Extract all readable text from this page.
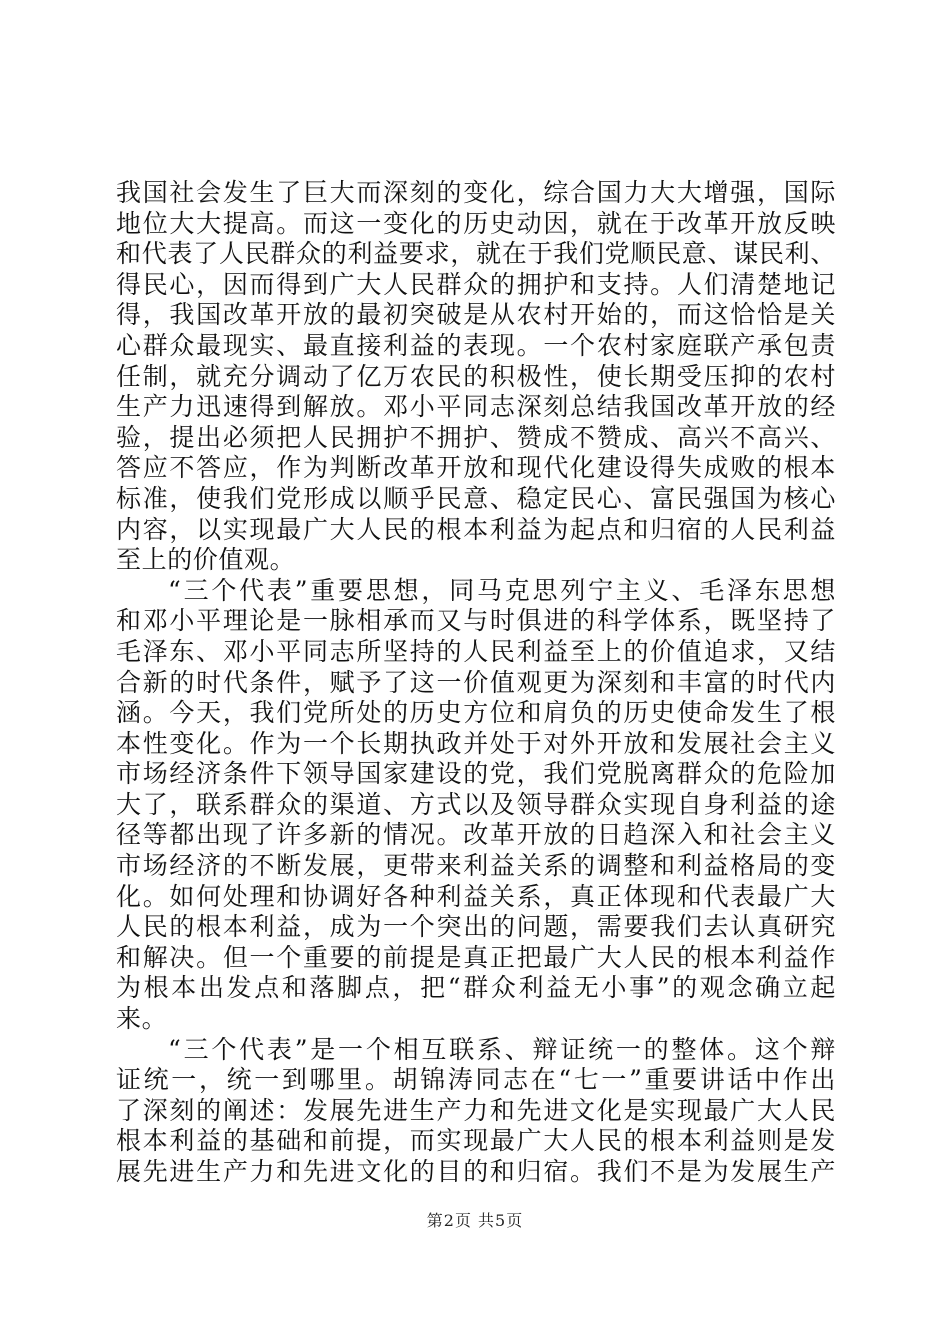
我国社会发生了巨大而深刻的变化，综合国力大大增强，国际
地位大大提高。而这一变化的历史动因，就在于改革开放反映
和代表了人民群众的利益要求，就在于我们党顺民意、谋民利、
得民心，因而得到广大人民群众的拥护和支持。人们清楚地记
得，我国改革开放的最初突破是从农村开始的，而这恰恰是关
心群众最现实、最直接利益的表现。一个农村家庭联产承包责
任制，就充分调动了亿万农民的积极性，使长期受压抑的农村
生产力迅速得到解放。邓小平同志深刻总结我国改革开放的经
验，提出必须把人民拥护不拥护、赞成不赞成、高兴不高兴、
答应不答应，作为判断改革开放和现代化建设得失成败的根本
标准，使我们党形成以顺乎民意、稳定民心、富民强国为核心
内容，以实现最广大人民的根本利益为起点和归宿的人民利益
至上的价值观。
“三个代表”重要思想，同马克思列宁主义、毛泽东思想
和邓小平理论是一脉相承而又与时俱进的科学体系，既坚持了
毛泽东、邓小平同志所坚持的人民利益至上的价值追求，又结
合新的时代条件，赋予了这一价值观更为深刻和丰富的时代内
涵。今天，我们党所处的历史方位和肩负的历史使命发生了根
本性变化。作为一个长期执政并处于对外开放和发展社会主义
市场经济条件下领导国家建设的党，我们党脱离群众的危险加
大了，联系群众的渠道、方式以及领导群众实现自身利益的途
径等都出现了许多新的情况。改革开放的日趋深入和社会主义
市场经济的不断发展，更带来利益关系的调整和利益格局的变
化。如何处理和协调好各种利益关系，真正体现和代表最广大
人民的根本利益，成为一个突出的问题，需要我们去认真研究
和解决。但一个重要的前提是真正把最广大人民的根本利益作
为根本出发点和落脚点，把“群众利益无小事”的观念确立起
来。
“三个代表”是一个相互联系、辩证统一的整体。这个辩
证统一，统一到哪里。胡锦涛同志在“七一”重要讲话中作出
了深刻的阐述：发展先进生产力和先进文化是实现最广大人民
根本利益的基础和前提，而实现最广大人民的根本利益则是发
展先进生产力和先进文化的目的和归宿。我们不是为发展生产
第2页 共5页
